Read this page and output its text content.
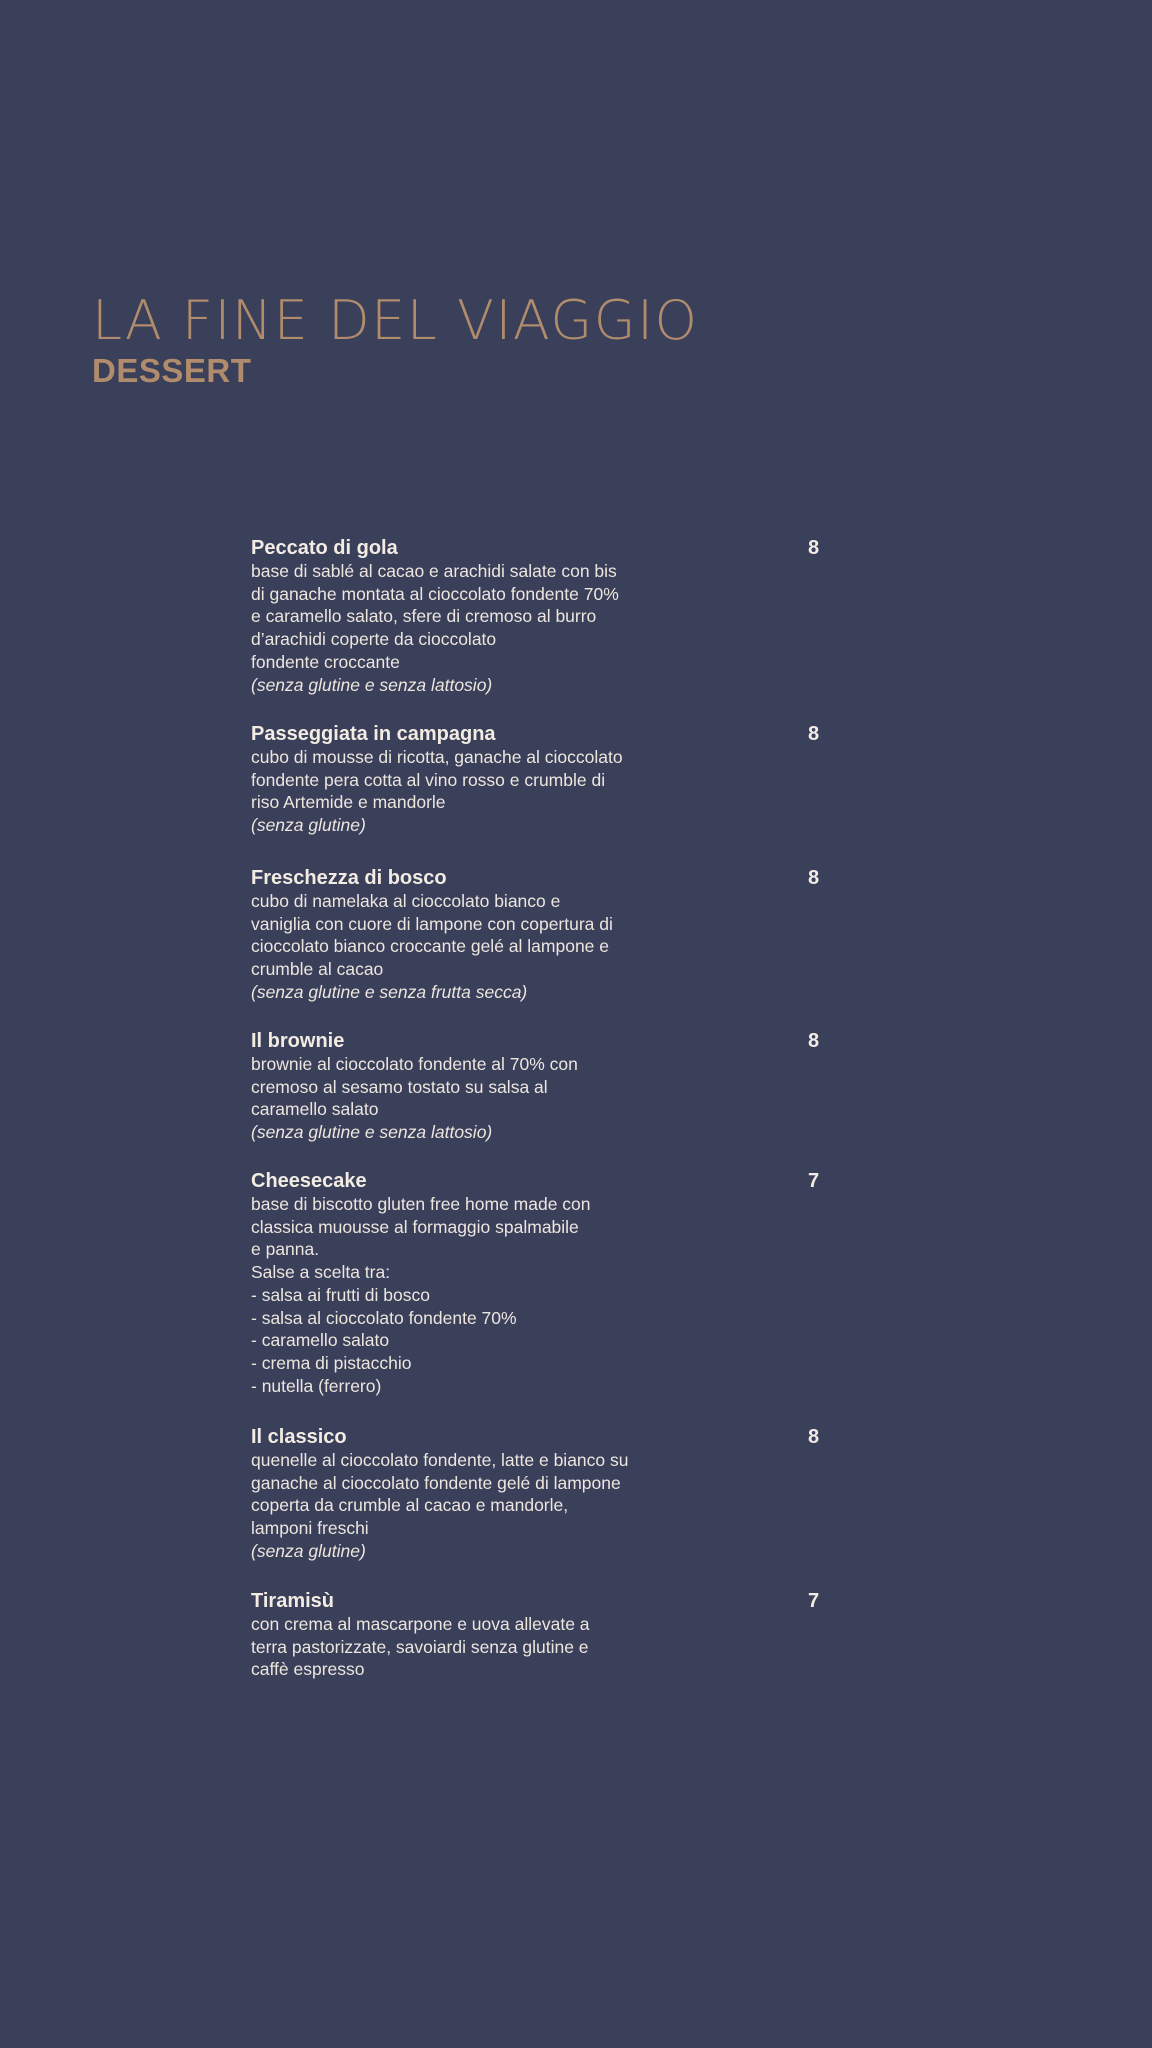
LA FINE DEL VIAGGIO
DESSERT
Peccato di gola	8
base di sablé al cacao e arachidi salate con bis
di ganache montata al cioccolato fondente 70%
e caramello salato, sfere di cremoso al burro
d’arachidi coperte da cioccolato
fondente croccante
(senza glutine e senza lattosio)
Passeggiata in campagna	8
cubo di mousse di ricotta, ganache al cioccolato
fondente pera cotta al vino rosso e crumble di
riso Artemide e mandorle
(senza glutine)
Freschezza di bosco	8
cubo di namelaka al cioccolato bianco e
vaniglia con cuore di lampone con copertura di
cioccolato bianco croccante gelé al lampone e
crumble al cacao
(senza glutine e senza frutta secca)
Il brownie	8
brownie al cioccolato fondente al 70% con
cremoso al sesamo tostato su salsa al
caramello salato
(senza glutine e senza lattosio)
Cheesecake	7
base di biscotto gluten free home made con
classica muousse al formaggio spalmabile
e panna.
Salse a scelta tra:
- salsa ai frutti di bosco
- salsa al cioccolato fondente 70%
- caramello salato
- crema di pistacchio
- nutella (ferrero)
Il classico	8
quenelle al cioccolato fondente, latte e bianco su
ganache al cioccolato fondente gelé di lampone
coperta da crumble al cacao e mandorle,
lamponi freschi
(senza glutine)
Tiramisù	7
con crema al mascarpone e uova allevate a
terra pastorizzate, savoiardi senza glutine e
caffè espresso
